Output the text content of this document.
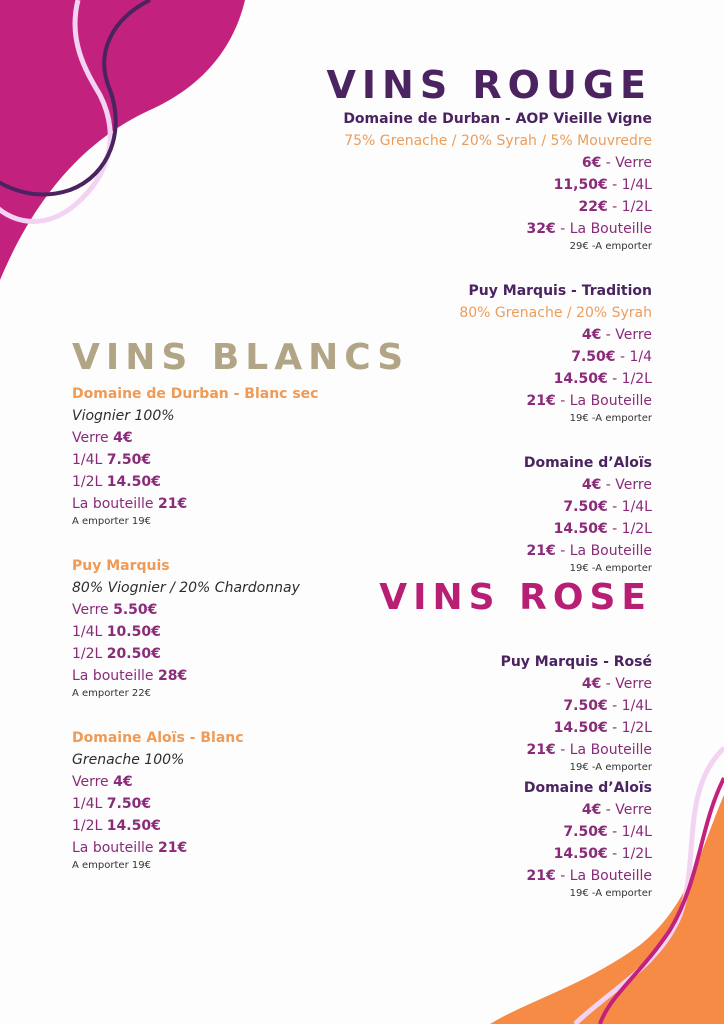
VINS ROUGE
Domaine de Durban - AOP Vieille Vigne
75% Grenache / 20% Syrah / 5% Mouvredre
6€ - Verre
11,50€ - 1/4L
22€ - 1/2L
32€ - La Bouteille
29€ -A emporter
Puy Marquis - Tradition
80% Grenache / 20% Syrah
4€ - Verre
7.50€ - 1/4
14.50€ - 1/2L
21€ - La Bouteille
19€ -A emporter
Domaine d’Aloïs
4€ - Verre
7.50€ - 1/4L
14.50€ - 1/2L
21€ - La Bouteille
19€ -A emporter
VINS BLANCS
Domaine de Durban - Blanc sec
Viognier 100%
Verre 4€
1/4L 7.50€
1/2L 14.50€
La bouteille 21€
A emporter 19€
Puy Marquis
80% Viognier / 20% Chardonnay
Verre 5.50€
1/4L 10.50€
1/2L 20.50€
La bouteille 28€
A emporter 22€
Domaine Aloïs - Blanc
Grenache 100%
Verre 4€
1/4L 7.50€
1/2L 14.50€
La bouteille 21€
A emporter 19€
VINS ROSE
Puy Marquis - Rosé
4€ - Verre
7.50€ - 1/4L
14.50€ - 1/2L
21€ - La Bouteille
19€ -A emporter
Domaine d’Aloïs
4€ - Verre
7.50€ - 1/4L
14.50€ - 1/2L
21€ - La Bouteille
19€ -A emporter
